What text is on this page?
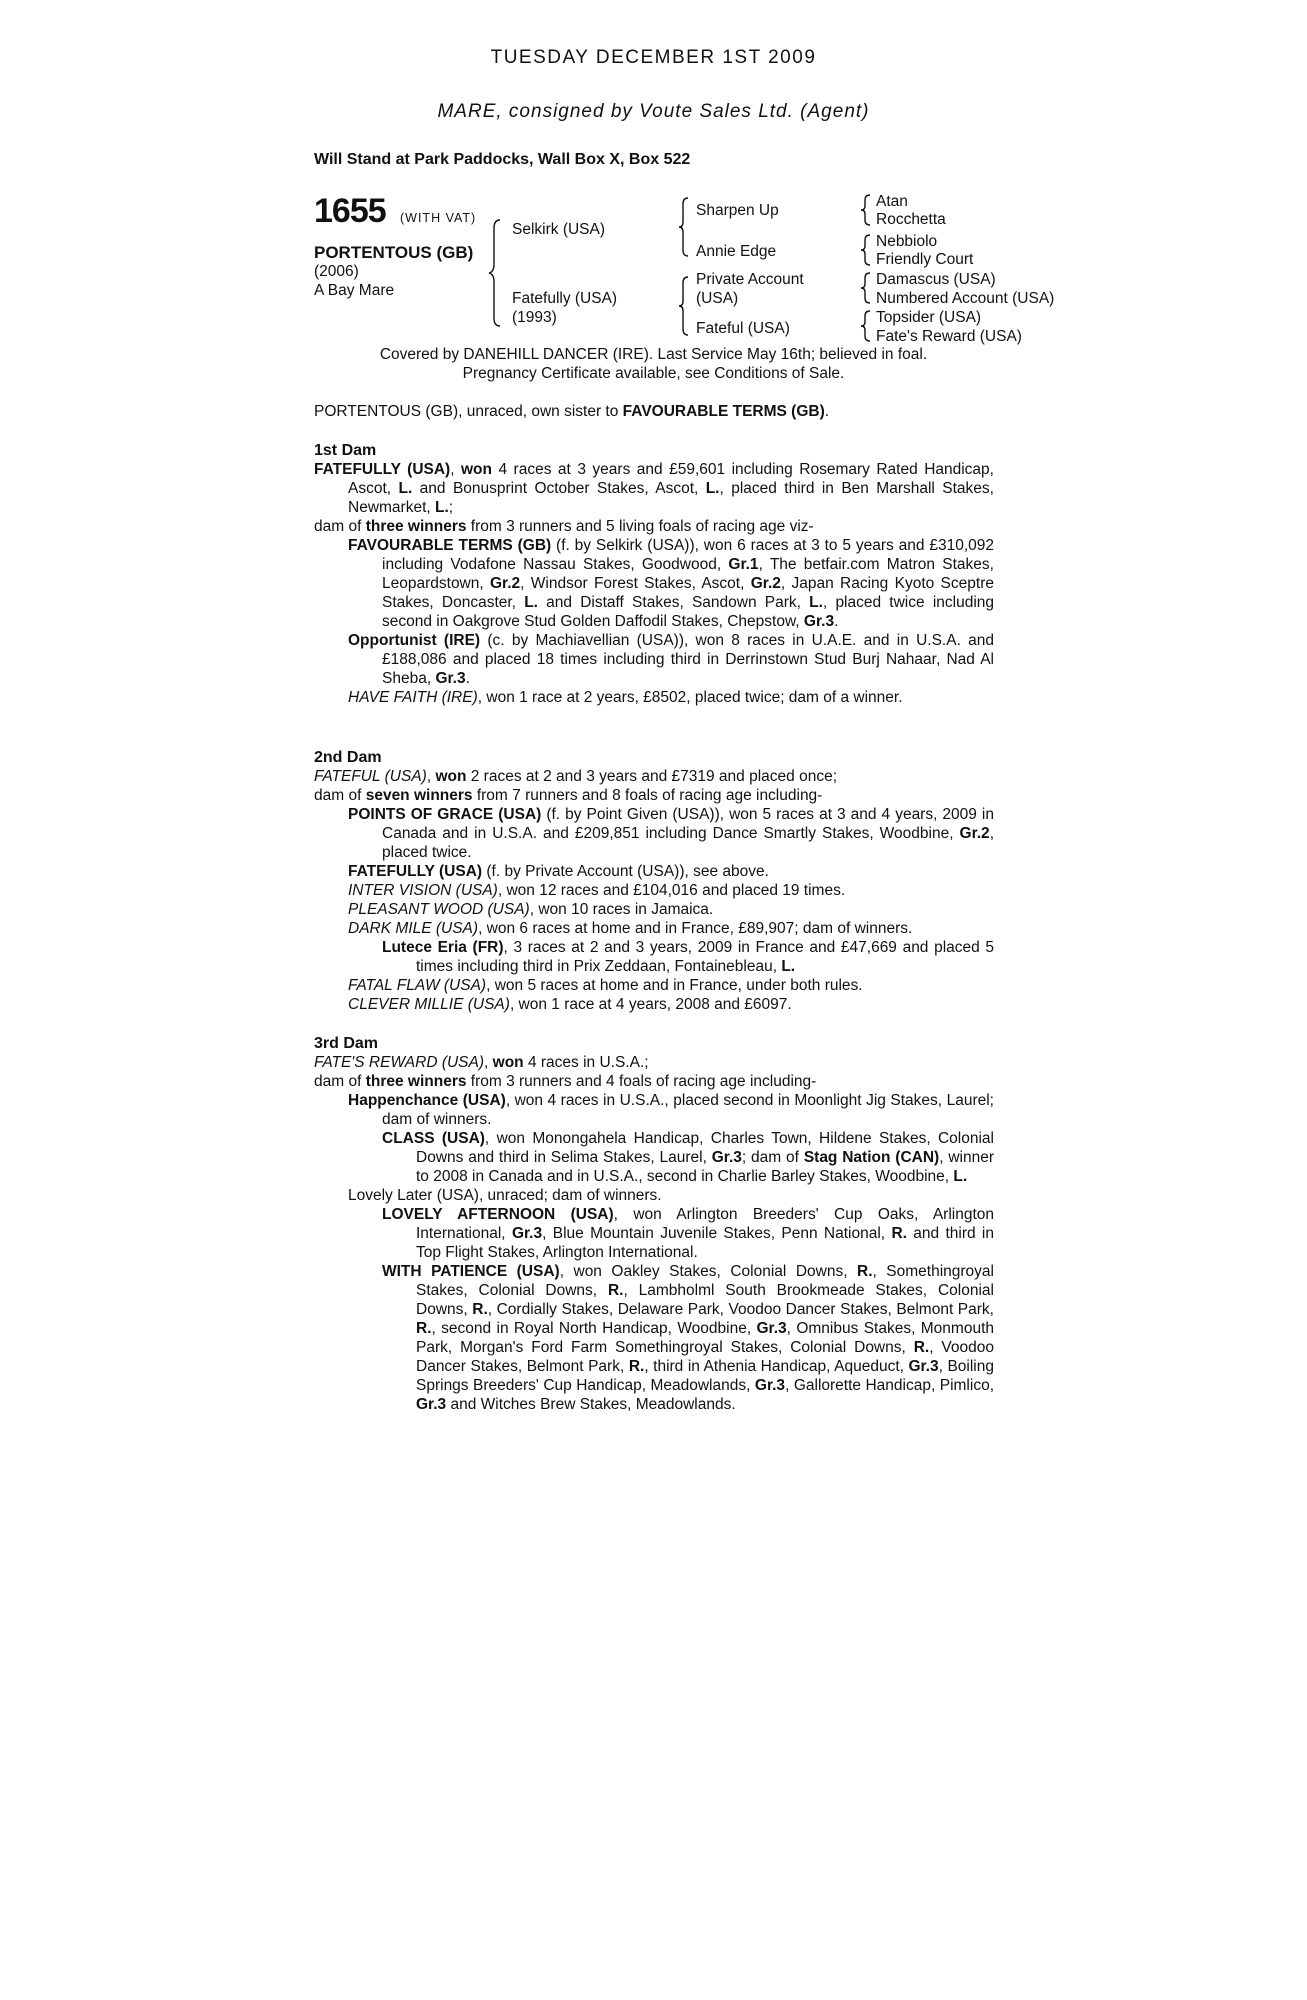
TUESDAY DECEMBER 1ST 2009
MARE, consigned by Voute Sales Ltd. (Agent)
Will Stand at Park Paddocks, Wall Box X, Box 522
1655 (WITH VAT)
PORTENTOUS (GB)
(2006)
A Bay Mare
Selkirk (USA)
Fatefully (USA)
(1993)
Sharpen Up
Annie Edge
Private Account
(USA)
Fateful (USA)
Atan
Rocchetta
Nebbiolo
Friendly Court
Damascus (USA)
Numbered Account (USA)
Topsider (USA)
Fate's Reward (USA)
Covered by DANEHILL DANCER (IRE). Last Service May 16th; believed in foal.
Pregnancy Certificate available, see Conditions of Sale.
PORTENTOUS (GB), unraced, own sister to FAVOURABLE TERMS (GB).
1st Dam

FATEFULLY (USA), won 4 races at 3 years and £59,601 including Rosemary Rated Handicap, Ascot, L. and Bonusprint October Stakes, Ascot, L., placed third in Ben Marshall Stakes, Newmarket, L.;

dam of three winners from 3 runners and 5 living foals of racing age viz-

FAVOURABLE TERMS (GB) (f. by Selkirk (USA)), won 6 races at 3 to 5 years and £310,092 including Vodafone Nassau Stakes, Goodwood, Gr.1, The betfair.com Matron Stakes, Leopardstown, Gr.2, Windsor Forest Stakes, Ascot, Gr.2, Japan Racing Kyoto Sceptre Stakes, Doncaster, L. and Distaff Stakes, Sandown Park, L., placed twice including second in Oakgrove Stud Golden Daffodil Stakes, Chepstow, Gr.3.

Opportunist (IRE) (c. by Machiavellian (USA)), won 8 races in U.A.E. and in U.S.A. and £188,086 and placed 18 times including third in Derrinstown Stud Burj Nahaar, Nad Al Sheba, Gr.3.

HAVE FAITH (IRE), won 1 race at 2 years, £8502, placed twice; dam of a winner.

2nd Dam

FATEFUL (USA), won 2 races at 2 and 3 years and £7319 and placed once;

dam of seven winners from 7 runners and 8 foals of racing age including-

POINTS OF GRACE (USA) (f. by Point Given (USA)), won 5 races at 3 and 4 years, 2009 in Canada and in U.S.A. and £209,851 including Dance Smartly Stakes, Woodbine, Gr.2, placed twice.

FATEFULLY (USA) (f. by Private Account (USA)), see above.

INTER VISION (USA), won 12 races and £104,016 and placed 19 times.

PLEASANT WOOD (USA), won 10 races in Jamaica.

DARK MILE (USA), won 6 races at home and in France, £89,907; dam of winners.

Lutece Eria (FR), 3 races at 2 and 3 years, 2009 in France and £47,669 and placed 5 times including third in Prix Zeddaan, Fontainebleau, L.

FATAL FLAW (USA), won 5 races at home and in France, under both rules.

CLEVER MILLIE (USA), won 1 race at 4 years, 2008 and £6097.

3rd Dam

FATE'S REWARD (USA), won 4 races in U.S.A.;

dam of three winners from 3 runners and 4 foals of racing age including-

Happenchance (USA), won 4 races in U.S.A., placed second in Moonlight Jig Stakes, Laurel; dam of winners.

CLASS (USA), won Monongahela Handicap, Charles Town, Hildene Stakes, Colonial Downs and third in Selima Stakes, Laurel, Gr.3; dam of Stag Nation (CAN), winner to 2008 in Canada and in U.S.A., second in Charlie Barley Stakes, Woodbine, L.

Lovely Later (USA), unraced; dam of winners.

LOVELY AFTERNOON (USA), won Arlington Breeders' Cup Oaks, Arlington International, Gr.3, Blue Mountain Juvenile Stakes, Penn National, R. and third in Top Flight Stakes, Arlington International.

WITH PATIENCE (USA), won Oakley Stakes, Colonial Downs, R., Somethingroyal Stakes, Colonial Downs, R., Lambholml South Brookmeade Stakes, Colonial Downs, R., Cordially Stakes, Delaware Park, Voodoo Dancer Stakes, Belmont Park, R., second in Royal North Handicap, Woodbine, Gr.3, Omnibus Stakes, Monmouth Park, Morgan's Ford Farm Somethingroyal Stakes, Colonial Downs, R., Voodoo Dancer Stakes, Belmont Park, R., third in Athenia Handicap, Aqueduct, Gr.3, Boiling Springs Breeders' Cup Handicap, Meadowlands, Gr.3, Gallorette Handicap, Pimlico, Gr.3 and Witches Brew Stakes, Meadowlands.
